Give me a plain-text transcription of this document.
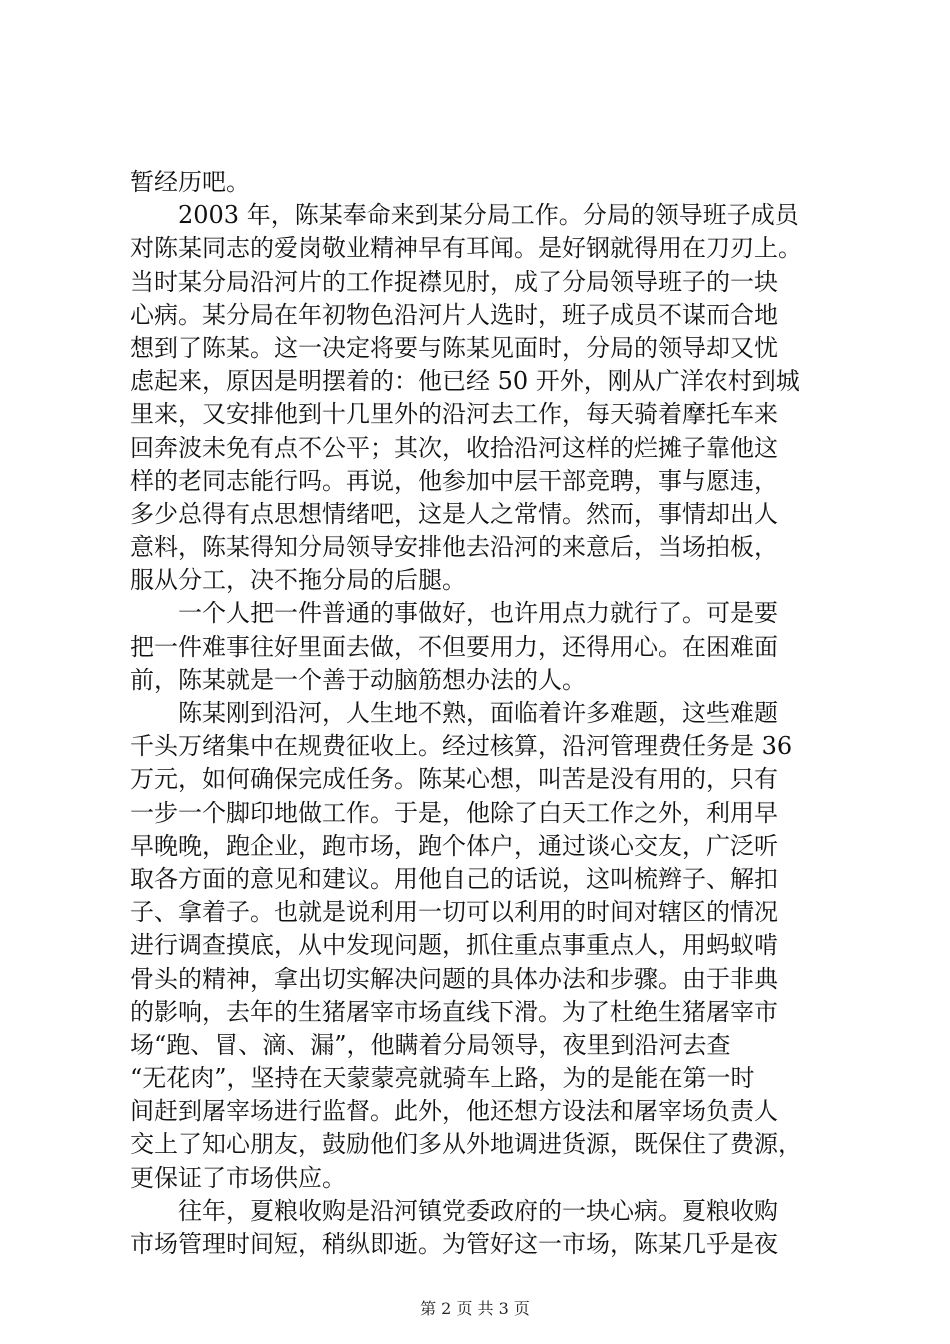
暂经历吧。
2003 年，陈某奉命来到某分局工作。分局的领导班子成员
对陈某同志的爱岗敬业精神早有耳闻。是好钢就得用在刀刃上。
当时某分局沿河片的工作捉襟见肘，成了分局领导班子的一块
心病。某分局在年初物色沿河片人选时，班子成员不谋而合地
想到了陈某。这一决定将要与陈某见面时，分局的领导却又忧
虑起来，原因是明摆着的：他已经 50 开外，刚从广洋农村到城
里来，又安排他到十几里外的沿河去工作，每天骑着摩托车来
回奔波未免有点不公平；其次，收拾沿河这样的烂摊子靠他这
样的老同志能行吗。再说，他参加中层干部竞聘，事与愿违，
多少总得有点思想情绪吧，这是人之常情。然而，事情却出人
意料，陈某得知分局领导安排他去沿河的来意后，当场拍板，
服从分工，决不拖分局的后腿。
一个人把一件普通的事做好，也许用点力就行了。可是要
把一件难事往好里面去做，不但要用力，还得用心。在困难面
前，陈某就是一个善于动脑筋想办法的人。
陈某刚到沿河，人生地不熟，面临着许多难题，这些难题
千头万绪集中在规费征收上。经过核算，沿河管理费任务是 36
万元，如何确保完成任务。陈某心想，叫苦是没有用的，只有
一步一个脚印地做工作。于是，他除了白天工作之外，利用早
早晚晚，跑企业，跑市场，跑个体户，通过谈心交友，广泛听
取各方面的意见和建议。用他自己的话说，这叫梳辫子、解扣
子、拿着子。也就是说利用一切可以利用的时间对辖区的情况
进行调查摸底，从中发现问题，抓住重点事重点人，用蚂蚁啃
骨头的精神，拿出切实解决问题的具体办法和步骤。由于非典
的影响，去年的生猪屠宰市场直线下滑。为了杜绝生猪屠宰市
场“跑、冒、滴、漏”，他瞒着分局领导，夜里到沿河去查
“无花肉”，坚持在天蒙蒙亮就骑车上路，为的是能在第一时
间赶到屠宰场进行监督。此外，他还想方设法和屠宰场负责人
交上了知心朋友，鼓励他们多从外地调进货源，既保住了费源，
更保证了市场供应。
往年，夏粮收购是沿河镇党委政府的一块心病。夏粮收购
市场管理时间短，稍纵即逝。为管好这一市场，陈某几乎是夜
第 2 页 共 3 页
